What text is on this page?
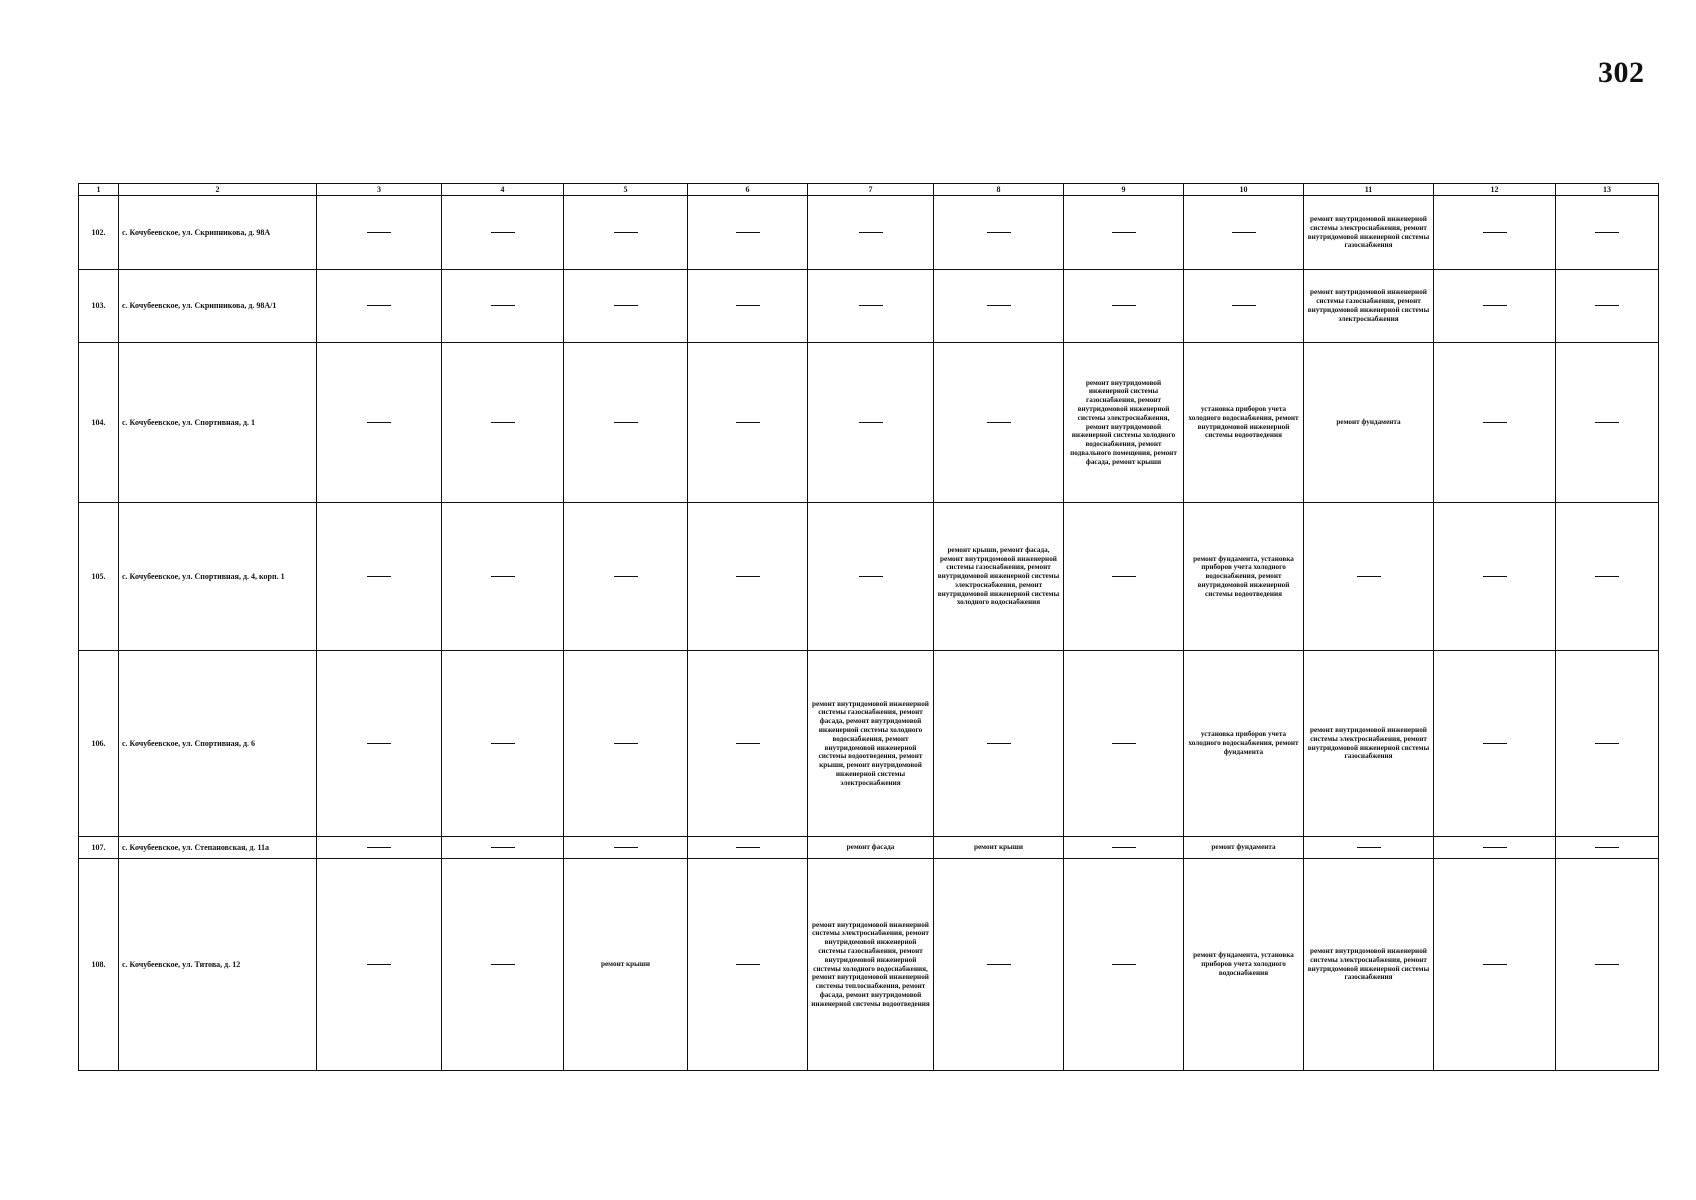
302
1	2	3	4	5	6	7	8	9	10	11	12	13
102.	с. Кочубеевское, ул. Скрипникова, д. 98А									ремонт внутридомовой инженерной системы электроснабжения, ремонт внутридомовой инженерной системы газоснабжения		

103.	с. Кочубеевское, ул. Скрипникова, д. 98А/1									ремонт внутридомовой инженерной системы газоснабжения, ремонт внутридомовой инженерной системы электроснабжения		

104.	с. Кочубеевское, ул. Спортивная, д. 1							ремонт внутридомовой инженерной системы газоснабжения, ремонт внутридомовой инженерной системы электроснабжения, ремонт внутридомовой инженерной системы холодного водоснабжения, ремонт подвального помещения, ремонт фасада, ремонт крыши	установка приборов учета холодного водоснабжения, ремонт внутридомовой инженерной системы водоотведения	ремонт фундамента		

105.	с. Кочубеевское, ул. Спортивная, д. 4, корп. 1						ремонт крыши, ремонт фасада, ремонт внутридомовой инженерной системы газоснабжения, ремонт внутридомовой инженерной системы электроснабжения, ремонт внутридомовой инженерной системы холодного водоснабжения		ремонт фундамента, установка приборов учета холодного водоснабжения, ремонт внутридомовой инженерной системы водоотведения			

106.	с. Кочубеевское, ул. Спортивная, д. 6					ремонт внутридомовой инженерной системы газоснабжения, ремонт фасада, ремонт внутридомовой инженерной системы холодного водоснабжения, ремонт внутридомовой инженерной системы водоотведения, ремонт крыши, ремонт внутридомовой инженерной системы электроснабжения			установка приборов учета холодного водоснабжения, ремонт фундамента	ремонт внутридомовой инженерной системы электроснабжения, ремонт внутридомовой инженерной системы газоснабжения		

107.	с. Кочубеевское, ул. Степановская, д. 11а					ремонт фасада	ремонт крыши		ремонт фундамента			

108.	с. Кочубеевское, ул. Титова, д. 12			ремонт крыши		ремонт внутридомовой инженерной системы электроснабжения, ремонт внутридомовой инженерной системы газоснабжения, ремонт внутридомовой инженерной системы холодного водоснабжения, ремонт внутридомовой инженерной системы теплоснабжения, ремонт фасада, ремонт внутридомовой инженерной системы водоотведения			ремонт фундамента, установка приборов учета холодного водоснабжения	ремонт внутридомовой инженерной системы электроснабжения, ремонт внутридомовой инженерной системы газоснабжения		
